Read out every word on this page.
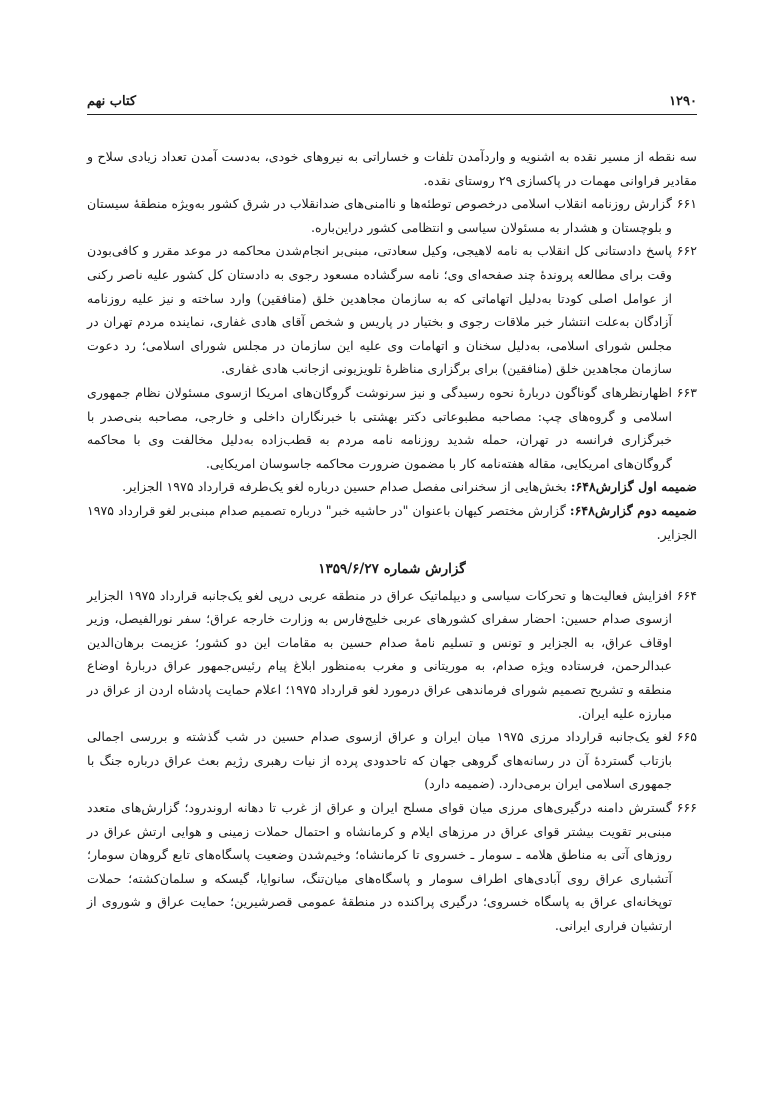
۱۲۹۰
کتاب نهم

سه نقطه از مسیر نقده به اشنویه و واردآمدن تلفات و خساراتی به نیروهای خودی، به‌دست آمدن تعداد زیادی سلاح و مقادیر فراوانی مهمات در پاکسازی ۲۹ روستای نقده.

۶۶۱
گزارش روزنامه انقلاب اسلامی درخصوص توطئه‌ها و ناامنی‌های ضدانقلاب در شرق کشور به‌ویژه منطقهٔ سیستان و بلوچستان و هشدار به مسئولان سیاسی و انتظامی کشور دراین‌باره.
۶۶۲
پاسخ دادستانی کل انقلاب به نامه لاهیجی، وکیل سعادتی، مبنی‌بر انجام‌شدن محاکمه در موعد مقرر و کافی‌بودن وقت برای مطالعه پروندهٔ چند صفحه‌ای وی؛ نامه سرگشاده مسعود رجوی به دادستان کل کشور علیه ناصر رکنی از عوامل اصلی کودتا به‌دلیل اتهاماتی که به سازمان مجاهدین خلق (منافقین) وارد ساخته و نیز علیه روزنامه آزادگان به‌علت انتشار خبر ملاقات رجوی و بختیار در پاریس و شخص آقای هادی غفاری، نماینده مردم تهران در مجلس شورای اسلامی، به‌دلیل سخنان و اتهامات وی علیه این سازمان در مجلس شورای اسلامی؛ رد دعوت سازمان مجاهدین خلق (منافقین) برای برگزاری مناظرهٔ تلویزیونی ازجانب هادی غفاری.
۶۶۳
اظهارنظرهای گوناگون دربارهٔ نحوه رسیدگی و نیز سرنوشت گروگان‌های امریکا ازسوی مسئولان نظام جمهوری اسلامی و گروه‌های چپ: مصاحبه مطبوعاتی دکتر بهشتی با خبرنگاران داخلی و خارجی، مصاحبه بنی‌صدر با خبرگزاری فرانسه در تهران، حمله شدید روزنامه نامه مردم به قطب‌زاده به‌دلیل مخالفت وی با محاکمه گروگان‌های امریکایی، مقاله هفته‌نامه کار با مضمون ضرورت محاکمه جاسوسان امریکایی.

ضمیمه اول گزارش۶۴۸: بخش‌هایی از سخنرانی مفصل صدام حسین درباره لغو یک‌طرفه قرارداد ۱۹۷۵ الجزایر.

ضمیمه دوم گزارش۶۴۸: گزارش مختصر کیهان باعنوان "در حاشیه خبر" درباره تصمیم صدام مبنی‌بر لغو قرارداد ۱۹۷۵ الجزایر.

گزارش شماره ۱۳۵۹/۶/۲۷
۶۶۴
افزایش فعالیت‌ها و تحرکات سیاسی و دیپلماتیک عراق در منطقه عربی درپی لغو یک‌جانبه قرارداد ۱۹۷۵ الجزایر ازسوی صدام حسین: احضار سفرای کشورهای عربی خلیج‌فارس به وزارت خارجه عراق؛ سفر نورالفیصل، وزیر اوقاف عراق، به الجزایر و تونس و تسلیم نامهٔ صدام حسین به مقامات این دو کشور؛ عزیمت برهان‌الدین عبدالرحمن، فرستاده ویژه صدام، به موریتانی و مغرب به‌منظور ابلاغ پیام رئیس‌جمهور عراق دربارهٔ اوضاع منطقه و تشریح تصمیم شورای فرماندهی عراق درمورد لغو قرارداد ۱۹۷۵؛ اعلام حمایت پادشاه اردن از عراق در مبارزه علیه ایران.
۶۶۵
لغو یک‌جانبه قرارداد مرزی ۱۹۷۵ میان ایران و عراق ازسوی صدام حسین در شب گذشته و بررسی اجمالی بازتاب گستردهٔ آن در رسانه‌های گروهی جهان که تاحدودی پرده از نیات رهبری رژیم بعث عراق درباره جنگ با جمهوری اسلامی ایران برمی‌دارد. (ضمیمه دارد)
۶۶۶
گسترش دامنه درگیری‌های مرزی میان قوای مسلح ایران و عراق از غرب تا دهانه اروندرود؛ گزارش‌های متعدد مبنی‌بر تقویت بیشتر قوای عراق در مرزهای ایلام و کرمانشاه و احتمال حملات زمینی و هوایی ارتش عراق در روزهای آتی به مناطق هلامه ـ سومار ـ خسروی تا کرمانشاه؛ وخیم‌شدن وضعیت پاسگاه‌های تابع گروهان سومار؛ آتشباری عراق روی آبادی‌های اطراف سومار و پاسگاه‌های میان‌تنگ، سانوایا، گیسکه و سلمان‌کشته؛ حملات توپخانه‌ای عراق به پاسگاه خسروی؛ درگیری پراکنده در منطقهٔ عمومی قصرشیرین؛ حمایت عراق و شوروی از ارتشیان فراری ایرانی.
